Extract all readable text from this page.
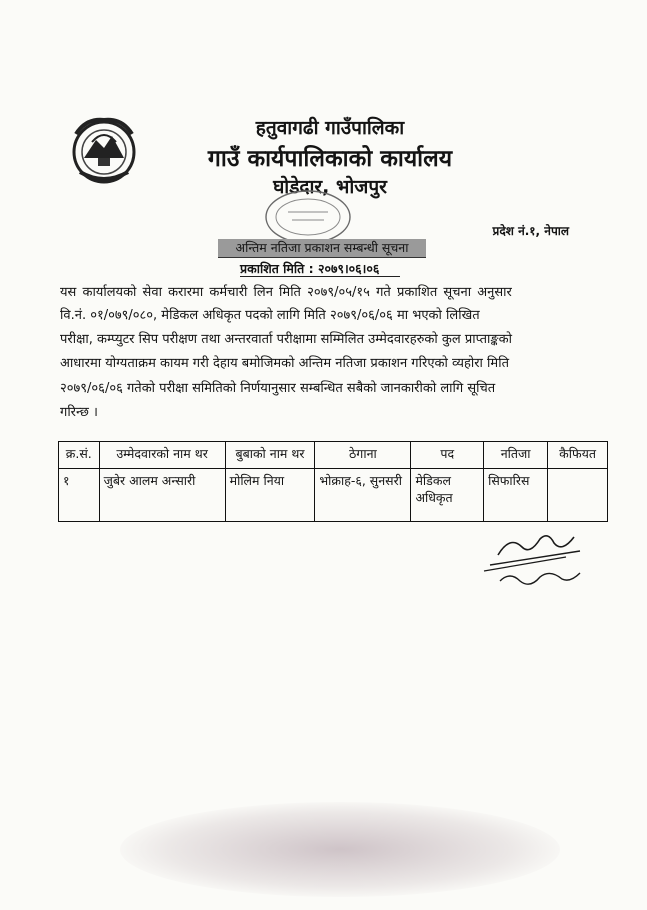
हतुवागढी गाउँपालिका
गाउँ कार्यपालिकाको कार्यालय
घोडेदार, भोजपुर
प्रदेश नं.१, नेपाल
अन्तिम नतिजा प्रकाशन सम्बन्धी सूचना
प्रकाशित मिति : २०७९।०६।०६
यस कार्यालयको सेवा करारमा कर्मचारी लिन मिति २०७९/०५/१५ गते प्रकाशित सूचना अनुसार
वि.नं. ०१/०७९/०८०, मेडिकल अधिकृत पदको लागि मिति २०७९/०६/०६ मा भएको लिखित
परीक्षा, कम्प्युटर सिप परीक्षण तथा अन्तरवार्ता परीक्षामा सम्मिलित उम्मेदवारहरुको कुल प्राप्ताङ्कको
आधारमा योग्यताक्रम कायम गरी देहाय बमोजिमको अन्तिम नतिजा प्रकाशन गरिएको व्यहोरा मिति
२०७९/०६/०६ गतेको परीक्षा समितिको निर्णयानुसार सम्बन्धित सबैको जानकारीको लागि सूचित
गरिन्छ ।
क्र.सं.	उम्मेदवारको नाम थर	बुबाको नाम थर	ठेगाना	पद	नतिजा	कैफियत
१	जुबेर आलम अन्सारी	मोलिम निया	भोक्राह-६, सुनसरी	मेडिकल अधिकृत	सिफारिस	
